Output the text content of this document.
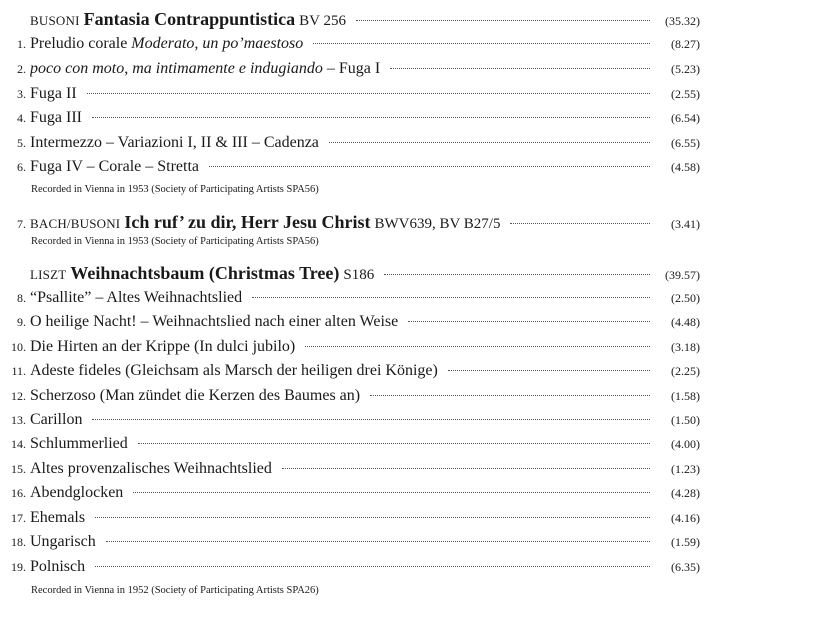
BUSONI Fantasia Contrappuntistica BV 256	(35.32)
1. Preludio corale Moderato, un po’maestoso	(8.27)
2. poco con moto, ma intimamente e indugiando – Fuga I	(5.23)
3. Fuga II	(2.55)
4. Fuga III	(6.54)
5. Intermezzo – Variazioni I, II & III – Cadenza	(6.55)
6. Fuga IV – Corale – Stretta	(4.58)
Recorded in Vienna in 1953 (Society of Participating Artists SPA56)
7. BACH/BUSONI Ich ruf’ zu dir, Herr Jesu Christ BWV639, BV B27/5	(3.41)
Recorded in Vienna in 1953 (Society of Participating Artists SPA56)
LISZT Weihnachtsbaum (Christmas Tree) S186	(39.57)
8. “Psallite” – Altes Weihnachtslied	(2.50)
9. O heilige Nacht! – Weihnachtslied nach einer alten Weise	(4.48)
10. Die Hirten an der Krippe (In dulci jubilo)	(3.18)
11. Adeste fideles (Gleichsam als Marsch der heiligen drei Könige)	(2.25)
12. Scherzoso (Man zündet die Kerzen des Baumes an)	(1.58)
13. Carillon	(1.50)
14. Schlummerlied	(4.00)
15. Altes provenzalisches Weihnachtslied	(1.23)
16. Abendglocken	(4.28)
17. Ehemals	(4.16)
18. Ungarisch	(1.59)
19. Polnisch	(6.35)
Recorded in Vienna in 1952 (Society of Participating Artists SPA26)
